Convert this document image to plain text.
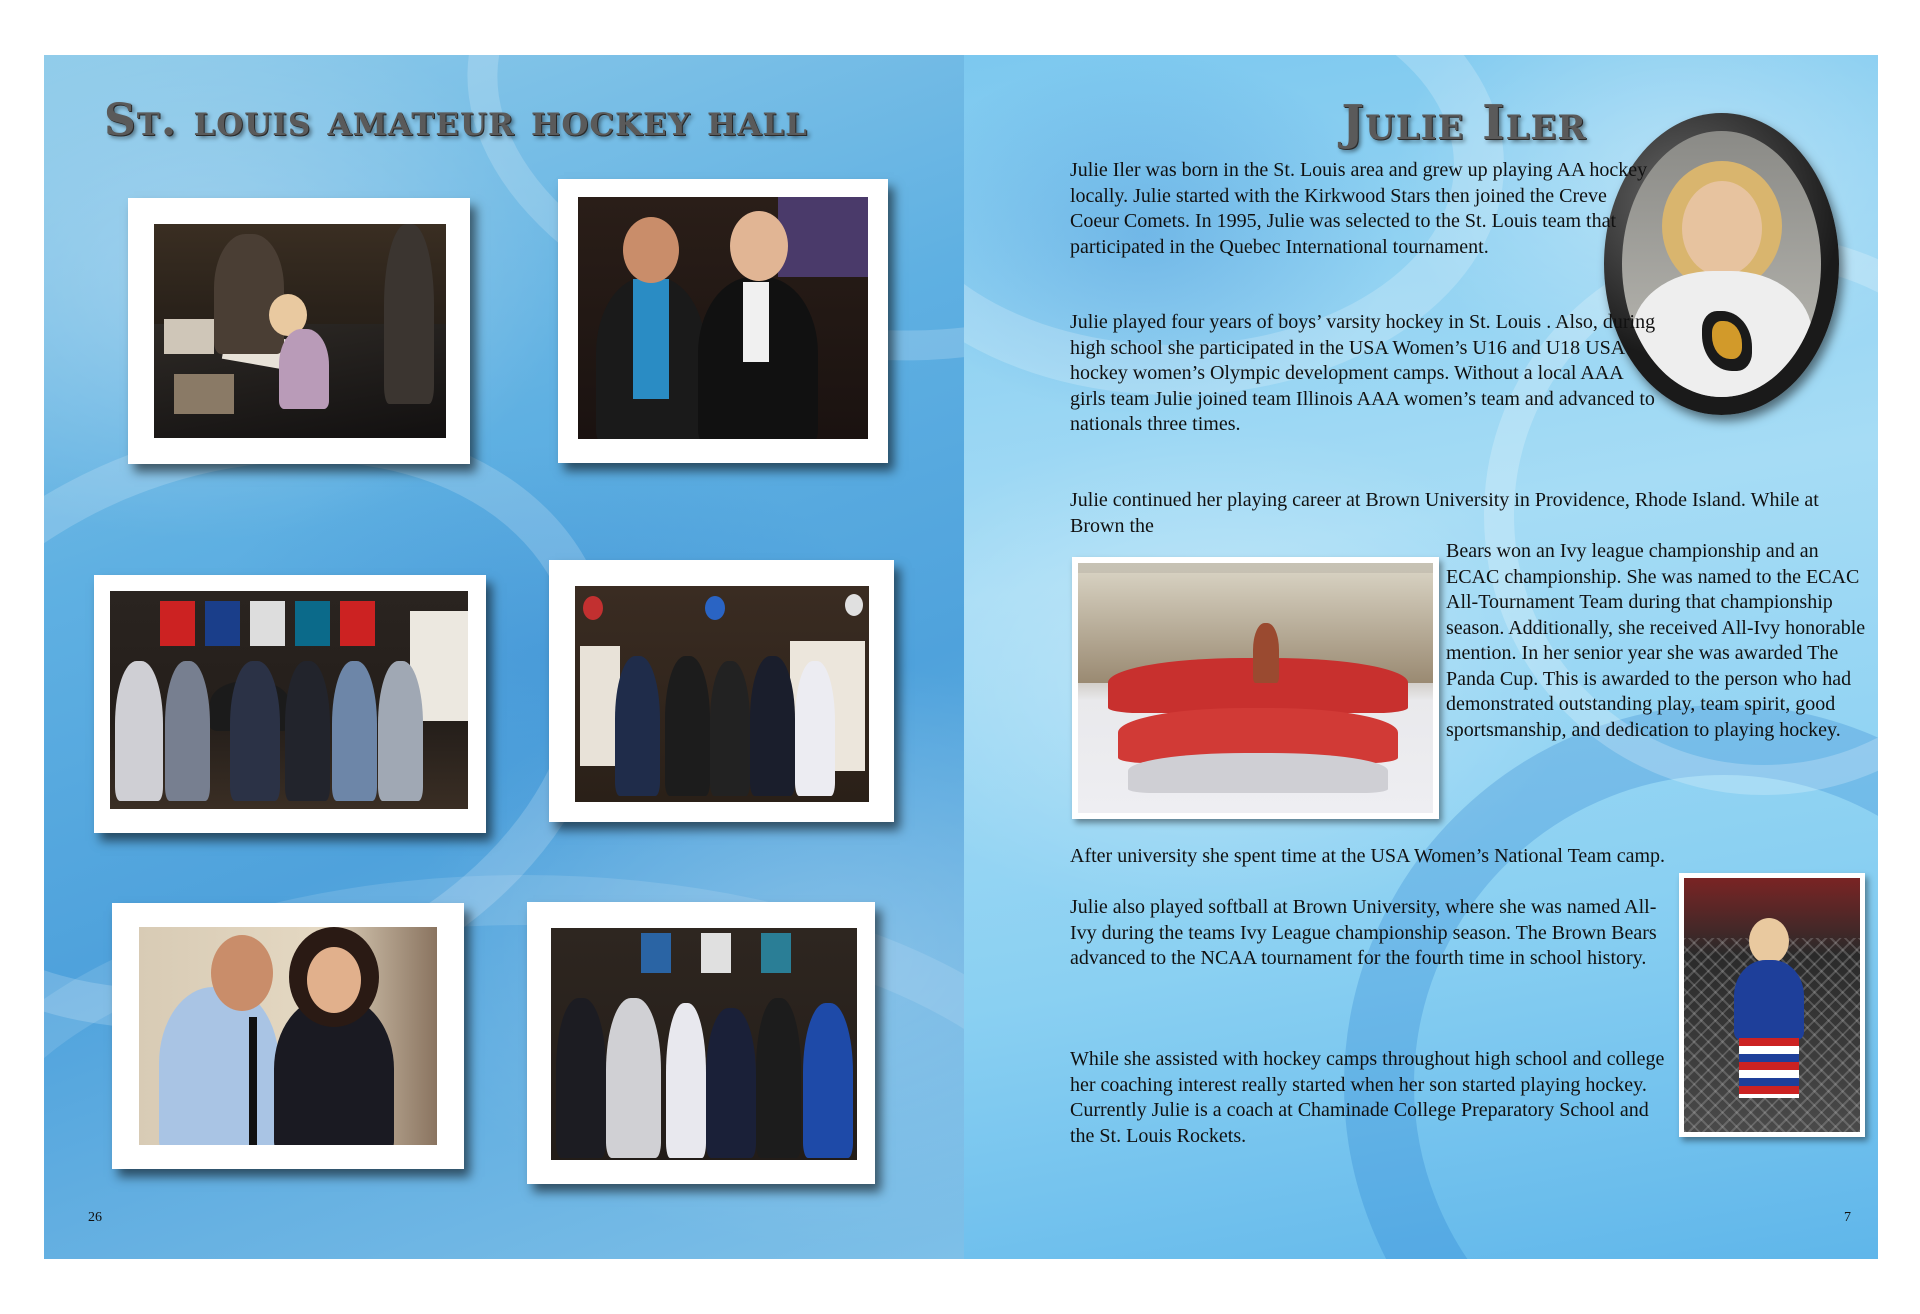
St. louis amateur hockey hall
26
Julie Iler
Julie Iler was born in the St. Louis area and grew up playing AA hockey locally. Julie started with the Kirkwood Stars then joined the Creve Coeur Comets. In 1995, Julie was selected to the St. Louis team that participated in the Quebec International tournament.
Julie played four years of boys’ varsity hockey in St. Louis . Also, during high school she participated in the USA Women’s U16 and U18 USA hockey women’s Olympic development camps. Without a local AAA girls team Julie joined team Illinois AAA women’s team and advanced to nationals three times.
Julie continued her playing career at Brown University in Providence, Rhode Island. While at Brown the
Bears won an Ivy league championship and an ECAC championship. She was named to the ECAC All-Tournament Team during that championship season. Additionally, she received All-Ivy honorable mention. In her senior year she was awarded The Panda Cup. This is awarded to the person who had demonstrated outstanding play, team spirit, good sportsmanship, and dedication to playing hockey.
After university she spent time at the USA Women’s National Team camp.
Julie also played softball at Brown University, where she was named All-Ivy during the teams Ivy League championship season. The Brown Bears advanced to the NCAA tournament for the fourth time in school history.
While she assisted with hockey camps throughout high school and college her coaching interest really started when her son started playing hockey. Currently Julie is a coach at Chaminade College Preparatory School and the St. Louis Rockets.
7
